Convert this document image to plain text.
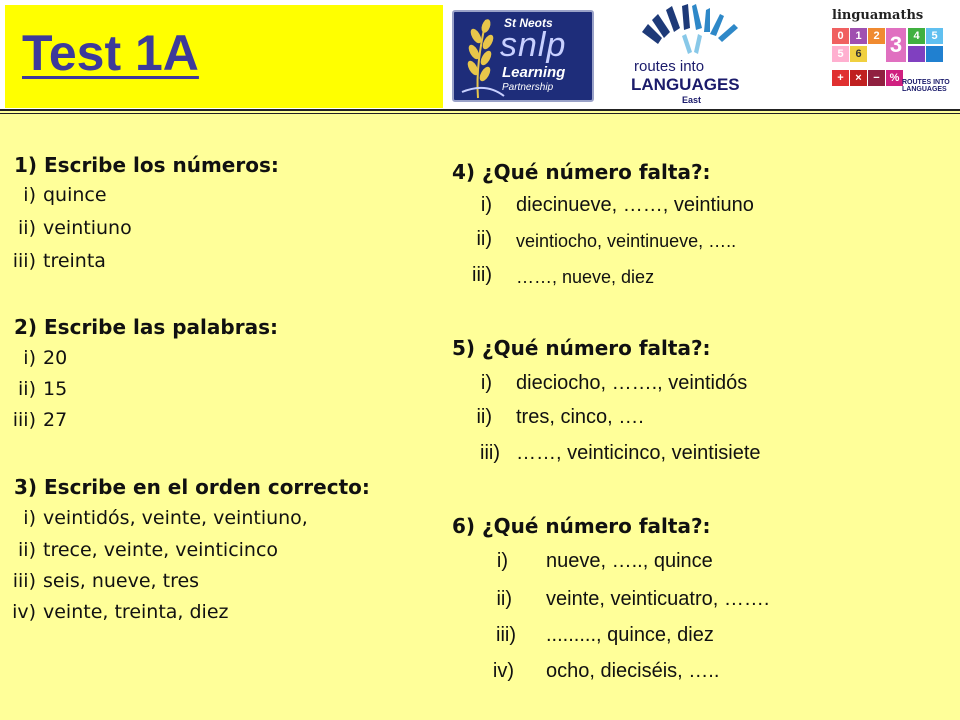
Test 1A
St Neots
snlp
Learning
Partnership
routes into
LANGUAGES
East
linguamaths
0	1	2 3	4	5
5	6
+	×	− % ROUTES INTO LANGUAGES
1) Escribe los números:
i) quince
ii) veintiuno
iii) treinta
2) Escribe las palabras:
i) 20
ii) 15
iii) 27
3) Escribe en el orden correcto:
i) veintidós, veinte, veintiuno,
ii) trece, veinte, veinticinco
iii) seis, nueve, tres
iv) veinte, treinta, diez
4) ¿Qué número falta?:
i) diecinueve, ……, veintiuno
ii) veintiocho, veintinueve, …..
iii) ……, nueve, diez
5) ¿Qué número falta?:
i) dieciocho, ……., veintidós
ii) tres, cinco, ….
iii) ……, veinticinco, veintisiete
6) ¿Qué número falta?:
i) nueve, ….., quince
ii) veinte, veinticuatro, …….
iii) ........., quince, diez
iv) ocho, dieciséis, …..
